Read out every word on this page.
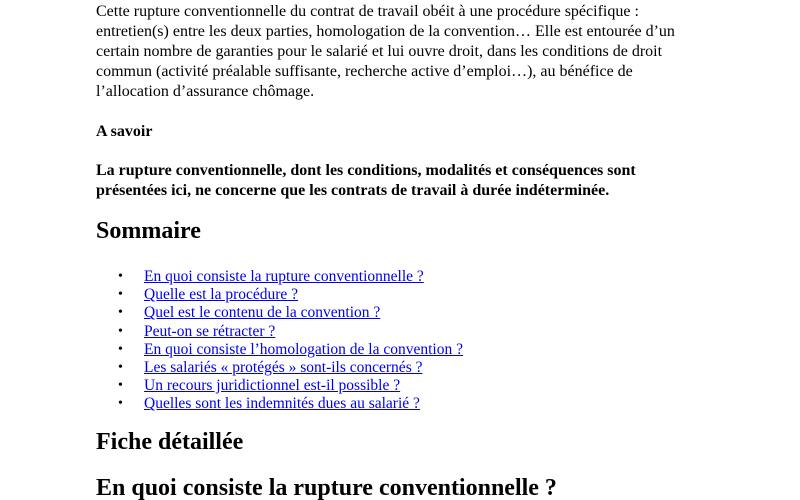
Cette rupture conventionnelle du contrat de travail obéit à une procédure spécifique :
entretien(s) entre les deux parties, homologation de la convention… Elle est entourée d’un
certain nombre de garanties pour le salarié et lui ouvre droit, dans les conditions de droit
commun (activité préalable suffisante, recherche active d’emploi…), au bénéfice de
l’allocation d’assurance chômage.

A savoir

La rupture conventionnelle, dont les conditions, modalités et conséquences sont
présentées ici, ne concerne que les contrats de travail à durée indéterminée.

Sommaire
• En quoi consiste la rupture conventionnelle ?
• Quelle est la procédure ?
• Quel est le contenu de la convention ?
• Peut-on se rétracter ?
• En quoi consiste l’homologation de la convention ?
• Les salariés « protégés » sont-ils concernés ?
• Un recours juridictionnel est-il possible ?
• Quelles sont les indemnités dues au salarié ?
Fiche détaillée
En quoi consiste la rupture conventionnelle ?
